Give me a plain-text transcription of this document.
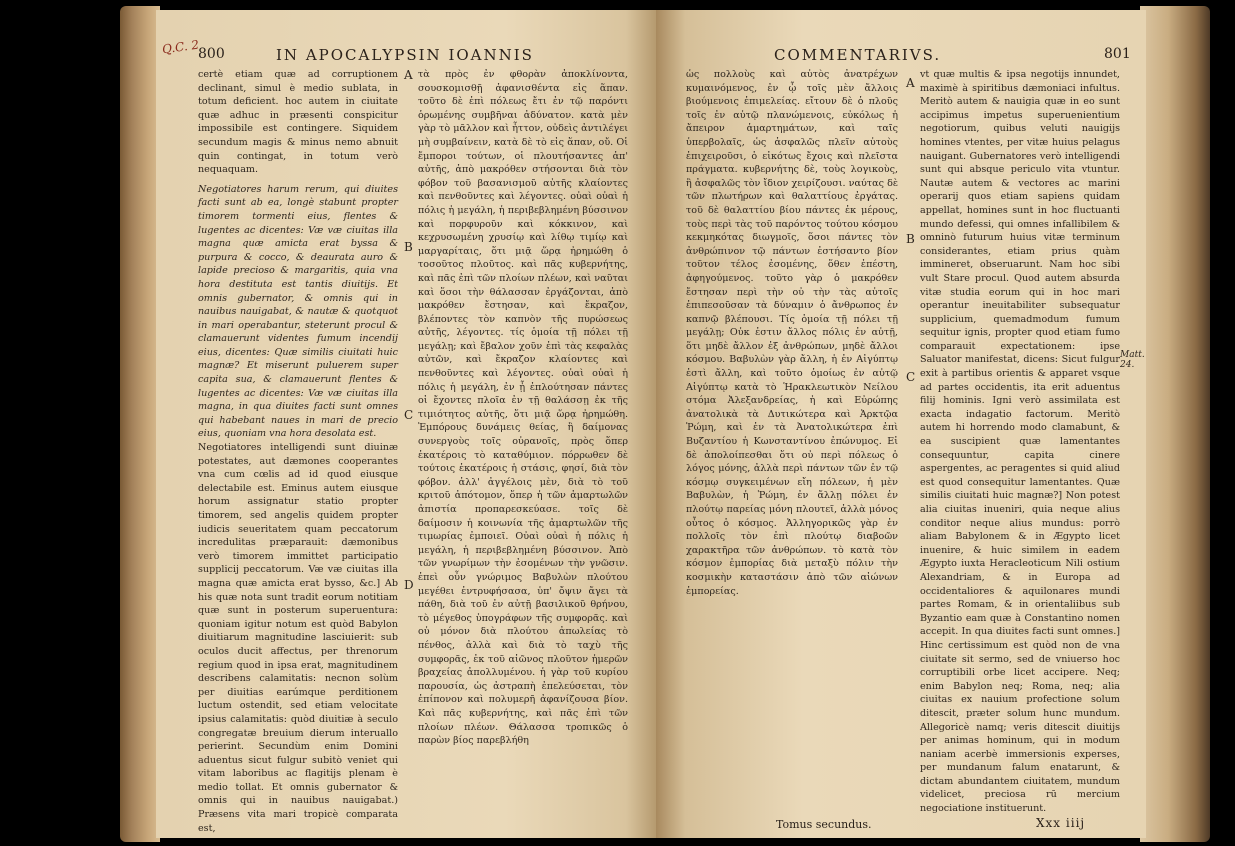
Q.C. 2
800	IN APOCALYPSIN IOANNIS

certè etiam quæ ad corruptionem declinant, simul è medio sublata, in totum deficient. hoc autem in ciuitate quæ adhuc in præsenti conspicitur impossibile est contingere. Siquidem secundum magis & minus nemo abnuit quin contingat, in totum verò nequaquam.

Negotiatores harum rerum, qui diuites facti sunt ab ea, longè stabunt propter timorem tormenti eius, flentes & lugentes ac dicentes: Væ væ ciuitas illa magna quæ amicta erat byssa & purpura & cocco, & deaurata auro & lapide precioso & margaritis, quia vna hora destituta est tantis diuitijs. Et omnis gubernator, & omnis qui in nauibus nauigabat, & nautæ & quotquot in mari operabantur, steterunt procul & clamauerunt videntes fumum incendij eius, dicentes: Quæ similis ciuitati huic magnæ? Et miserunt puluerem super capita sua, & clamauerunt flentes & lugentes ac dicentes: Væ væ ciuitas illa magna, in qua diuites facti sunt omnes qui habebant naues in mari de precio eius, quoniam vna hora desolata est.

Negotiatores intelligendi sunt diuinæ potestates, aut dæmones cooperantes vna cum cœlis ad id quod eiusque delectabile est. Eminus autem eiusque horum assignatur statio propter timorem, sed angelis quidem propter iudicis seueritatem quam peccatorum incredulitas præparauit: dæmonibus verò timorem immittet participatio supplicij peccatorum. Væ væ ciuitas illa magna quæ amicta erat bysso, &c.] Ab his quæ nota sunt tradit eorum notitiam quæ sunt in posterum superuentura: quoniam igitur notum est quòd Babylon diuitiarum magnitudine lasciuierit: sub oculos ducit affectus, per threnorum regium quod in ipsa erat, magnitudinem describens calamitatis: necnon solùm per diuitias earúmque perditionem luctum ostendit, sed etiam velocitate ipsius calamitatis: quòd diuitiæ à seculo congregatæ breuium dierum interuallo perierint. Secundùm enim Domini aduentus sicut fulgur subitò veniet qui vitam laboribus ac flagitijs plenam è medio tollat. Et omnis gubernator & omnis qui in nauibus nauigabat.) Præsens vita mari tropicè comparata est,

A
B
C
D

τὰ πρὸς ἐν φθορὰν ἀποκλίνοντα, σουσκομισθῇ ἀφανισθέντα εἰς ἅπαν. τοῦτο δὲ ἐπὶ πόλεως ἔτι ἐν τῷ παρόντι ὁρωμένης συμβῆναι ἀδύνατον. κατὰ μὲν γὰρ τὸ μᾶλλον καὶ ἧττον, οὐδεὶς ἀντιλέγει μὴ συμβαίνειν, κατὰ δὲ τὸ εἰς ἅπαν, οὔ. Οἱ ἔμποροι τούτων, οἱ πλουτήσαντες ἀπ' αὐτῆς, ἀπὸ μακρόθεν στήσονται διὰ τὸν φόβον τοῦ βασανισμοῦ αὐτῆς κλαίοντες καὶ πενθοῦντες καὶ λέγοντες. οὐαὶ οὐαὶ ἡ πόλις ἡ μεγάλη, ἡ περιβεβλημένη βύσσινον καὶ πορφυροῦν καὶ κόκκινον, καὶ κεχρυσωμένη χρυσίῳ καὶ λίθῳ τιμίῳ καὶ μαργαρίταις, ὅτι μιᾷ ὥρᾳ ἠρημώθη ὁ τοσοῦτος πλοῦτος. καὶ πᾶς κυβερνήτης, καὶ πᾶς ἐπὶ τῶν πλοίων πλέων, καὶ ναῦται καὶ ὅσοι τὴν θάλασσαν ἐργάζονται, ἀπὸ μακρόθεν ἔστησαν, καὶ ἔκραζον, βλέποντες τὸν καπνὸν τῆς πυρώσεως αὐτῆς, λέγοντες. τίς ὁμοία τῇ πόλει τῇ μεγάλῃ; καὶ ἔβαλον χοῦν ἐπὶ τὰς κεφαλὰς αὐτῶν, καὶ ἔκραζον κλαίοντες καὶ πενθοῦντες καὶ λέγοντες. οὐαὶ οὐαὶ ἡ πόλις ἡ μεγάλη, ἐν ᾗ ἐπλούτησαν πάντες οἱ ἔχοντες πλοῖα ἐν τῇ θαλάσσῃ ἐκ τῆς τιμιότητος αὐτῆς, ὅτι μιᾷ ὥρᾳ ἠρημώθη. Ἐμπόρους δυνάμεις θείας, ἢ δαίμονας συνεργοὺς τοῖς οὐρανοῖς, πρὸς ὅπερ ἐκατέροις τὸ καταθύμιον. πόρρωθεν δὲ τούτοις ἑκατέροις ἡ στάσις, φησί, διὰ τὸν φόβον. ἀλλ' ἀγγέλοις μὲν, διὰ τὸ τοῦ κριτοῦ ἀπότομον, ὅπερ ἡ τῶν ἁμαρτωλῶν ἀπιστία προπαρεσκεύασε. τοῖς δὲ δαίμοσιν ἡ κοινωνία τῆς ἀμαρτωλῶν τῆς τιμωρίας ἐμποιεῖ. Οὐαὶ οὐαὶ ἡ πόλις ἡ μεγάλη, ἡ περιβεβλημένη βύσσινον. Ἀπὸ τῶν γνωρίμων τὴν ἐσομένων τὴν γνῶσιν. ἐπεὶ οὖν γνώριμος Βαβυλὼν πλούτου μεγέθει ἐντρυφήσασα, ὑπ' ὄψιν ἄγει τὰ πάθη, διὰ τοῦ ἐν αὐτῇ βασιλικοῦ θρήνου, τὸ μέγεθος ὑπογράφων τῆς συμφορᾶς. καὶ οὐ μόνον διὰ πλούτου ἀπωλείας τὸ πένθος, ἀλλὰ καὶ διὰ τὸ ταχὺ τῆς συμφορᾶς, ἐκ τοῦ αἰῶνος πλοῦτον ἡμερῶν βραχείας ἀπολλυμένου. ἡ γὰρ τοῦ κυρίου παρουσία, ὡς ἀστραπὴ ἐπελεύσεται, τὸν ἐπίπονον καὶ πολυμερῆ ἀφανίζουσα βίον. Καὶ πᾶς κυβερνήτης, καὶ πᾶς ἐπὶ τῶν πλοίων πλέων. Θάλασσα τροπικῶς ὁ παρὼν βίος παρεβλήθη

COMMENTARIVS.	801

ὡς πολλοὺς καὶ αὐτὸς ἀνατρέχων κυμαινόμενος, ἐν ᾧ τοῖς μὲν ἄλλοις βιούμενοις ἐπιμελείας. εἴτουν δὲ ὁ πλοῦς τοῖς ἐν αὐτῷ πλανώμενοις, εὐκόλως ἡ ἄπειρον ἁμαρτημάτων, καὶ ταῖς ὑπερβολαῖς, ὡς ἀσφαλῶς πλεῖν αὐτοὺς ἐπιχειροῦσι, ὁ εἰκότως ἔχοις καὶ πλεῖστα πράγματα. κυβερνήτης δὲ, τοὺς λογικοὺς, ἢ ἀσφαλῶς τὸν ἴδιον χειρίζουσι. ναύτας δὲ τῶν πλωτήρων καὶ θαλαττίους ἐργάτας. τοῦ δὲ θαλαττίου βίου πάντες ἐκ μέρους, τοὺς περὶ τὰς τοῦ παρόντος τούτου κόσμου κεκμηκότας διωγμοῖς, ὅσοι πάντες τὸν ἀνθρώπινον τῷ πάντων ἐστήσαντο βίον τοῦτον τέλος ἐσομένης, ὅθεν ἐπέστη, ἀφηγούμενος. τοῦτο γὰρ ὁ μακρόθεν ἔστησαν περὶ τὴν οὐ τὴν τὰς αὐτοῖς ἐπιπεσοῦσαν τὰ δύναμιν ὁ ἄνθρωπος ἐν καπνῷ βλέπουσι. Τίς ὁμοία τῇ πόλει τῇ μεγάλῃ; Οὐκ ἐστιν ἄλλος πόλις ἐν αὐτῇ, ὅτι μηδὲ ἄλλον ἐξ ἀνθρώπων, μηδὲ ἄλλοι κόσμου. Βαβυλὼν γὰρ ἄλλη, ἡ ἐν Αἰγύπτῳ ἐστὶ ἄλλη, καὶ τοῦτο ὁμοίως ἐν αὐτῷ Αἰγύπτῳ κατὰ τὸ Ἡρακλεωτικὸν Νείλου στόμα Ἀλεξανδρείας, ἡ καὶ Εὐρώπης ἀνατολικὰ τὰ Δυτικώτερα καὶ Ἀρκτῷα Ῥώμη, καὶ ἐν τὰ Ἀνατολικώτερα ἐπὶ Βυζαντίου ἡ Κωνσταντίνου ἐπώνυμος. Εἰ δὲ ἀπολοίπεσθαι ὅτι οὐ περὶ πόλεως ὁ λόγος μόνης, ἀλλὰ περὶ πάντων τῶν ἐν τῷ κόσμῳ συγκειμένων εἴη πόλεων, ἡ μὲν Βαβυλὼν, ἡ Ῥώμη, ἐν ἄλλῃ πόλει ἐν πλούτῳ παρείας μόνη πλουτεῖ, ἀλλὰ μόνος οὗτος ὁ κόσμος. Ἀλληγορικῶς γὰρ ἐν πολλοῖς τὸν ἐπὶ πλούτῳ διαβοῶν χαρακτῆρα τῶν ἀνθρώπων. τὸ κατὰ τὸν κόσμον ἐμπορίας διὰ μεταξὺ πόλιν τὴν κοσμικὴν καταστάσιν ἀπὸ τῶν αἰώνων ἐμπορείας.

A
B
C

vt quæ multis & ipsa negotijs innundet, maximè à spiritibus dæmoniaci infultus. Meritò autem & nauigia quæ in eo sunt accipimus impetus superuenientium negotiorum, quibus veluti nauigijs homines vtentes, per vitæ huius pelagus nauigant. Gubernatores verò intelligendi sunt qui absque periculo vita vtuntur. Nautæ autem & vectores ac marini operarij quos etiam sapiens quidam appellat, homines sunt in hoc fluctuanti mundo defessi, qui omnes infallibilem & omninò futurum huius vitæ terminum considerantes, etiam prius quàm immineret, obseruarunt. Nam hoc sibi vult Stare procul. Quod autem absurda vitæ studia eorum qui in hoc mari operantur ineuitabiliter subsequatur supplicium, quemadmodum fumum sequitur ignis, propter quod etiam fumo comparauit expectationem: ipse Saluator manifestat, dicens: Sicut fulgur exit à partibus orientis & apparet vsque ad partes occidentis, ita erit aduentus filij hominis. Igni verò assimilata est exacta indagatio factorum. Meritò autem hi horrendo modo clamabunt, & ea suscipient quæ lamentantes consequuntur, capita cinere aspergentes, ac peragentes si quid aliud est quod consequitur lamentantes. Quæ similis ciuitati huic magnæ?] Non potest alia ciuitas inueniri, quia neque alius conditor neque alius mundus: porrò aliam Babylonem & in Ægypto licet inuenire, & huic similem in eadem Ægypto iuxta Heracleoticum Nili ostium Alexandriam, & in Europa ad occidentaliores & aquilonares mundi partes Romam, & in orientaliibus sub Byzantio eam quæ à Constantino nomen accepit. In qua diuites facti sunt omnes.] Hinc certissimum est quòd non de vna ciuitate sit sermo, sed de vniuerso hoc corruptibili orbe licet accipere. Neq; enim Babylon neq; Roma, neq; alia ciuitas ex nauium profectione solum ditescit, præter solum hunc mundum. Allegoricè namq; veris ditescit diuitijs per animas hominum, qui in modum naniam acerbè immersionis experses, per mundanum falum enatarunt, & dictam abundantem ciuitatem, mundum videlicet, preciosa rū mercium negociatione instituerunt.

Matt. 24.
Tomus secundus.	Xxx iiij
